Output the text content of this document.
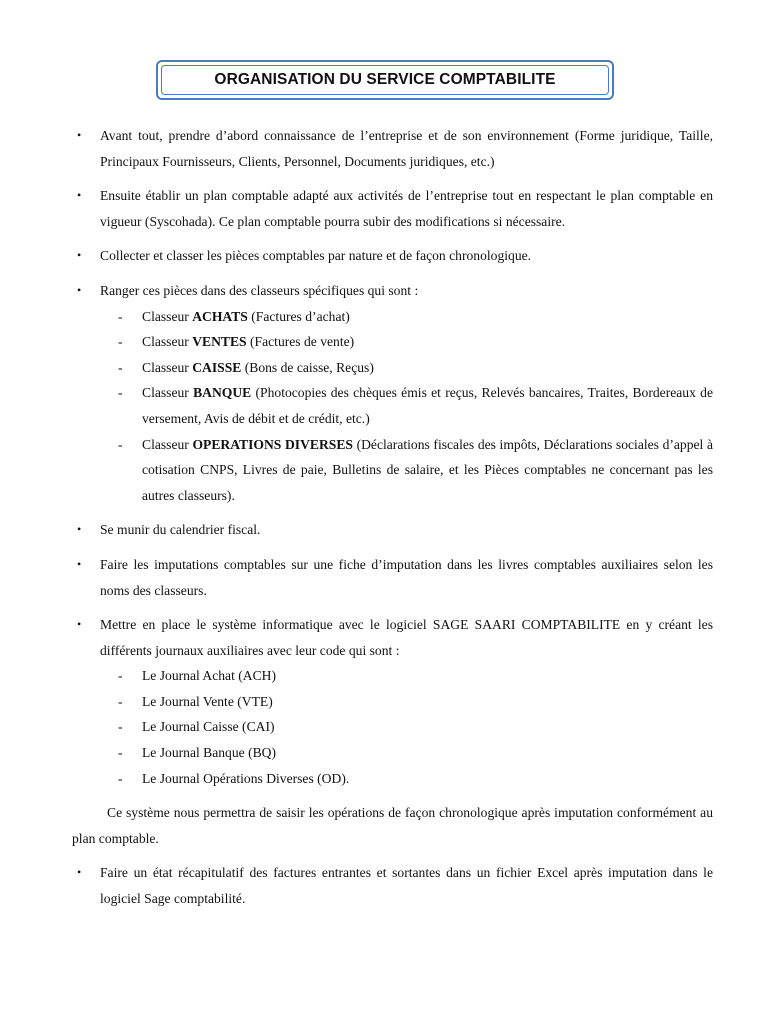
ORGANISATION DU SERVICE COMPTABILITE
• Avant tout, prendre d’abord connaissance de l’entreprise et de son environnement (Forme juridique, Taille, Principaux Fournisseurs, Clients, Personnel, Documents juridiques, etc.)
• Ensuite établir un plan comptable adapté aux activités de l’entreprise tout en respectant le plan comptable en vigueur (Syscohada). Ce plan comptable pourra subir des modifications si nécessaire.
• Collecter et classer les pièces comptables par nature et de façon chronologique.
• Ranger ces pièces dans des classeurs spécifiques qui sont :
- Classeur ACHATS (Factures d’achat)
- Classeur VENTES (Factures de vente)
- Classeur CAISSE (Bons de caisse, Reçus)
- Classeur BANQUE (Photocopies des chèques émis et reçus, Relevés bancaires, Traites, Bordereaux de versement, Avis de débit et de crédit, etc.)
- Classeur OPERATIONS DIVERSES (Déclarations fiscales des impôts, Déclarations sociales d’appel à cotisation CNPS, Livres de paie, Bulletins de salaire, et les Pièces comptables ne concernant pas les autres classeurs).
• Se munir du calendrier fiscal.
• Faire les imputations comptables sur une fiche d’imputation dans les livres comptables auxiliaires selon les noms des classeurs.
• Mettre en place le système informatique avec le logiciel SAGE SAARI COMPTABILITE en y créant les différents journaux auxiliaires avec leur code qui sont :
- Le Journal Achat (ACH)
- Le Journal Vente (VTE)
- Le Journal Caisse (CAI)
- Le Journal Banque (BQ)
- Le Journal Opérations Diverses (OD).
Ce système nous permettra de saisir les opérations de façon chronologique après imputation conformément au plan comptable.
• Faire un état récapitulatif des factures entrantes et sortantes dans un fichier Excel après imputation dans le logiciel Sage comptabilité.
